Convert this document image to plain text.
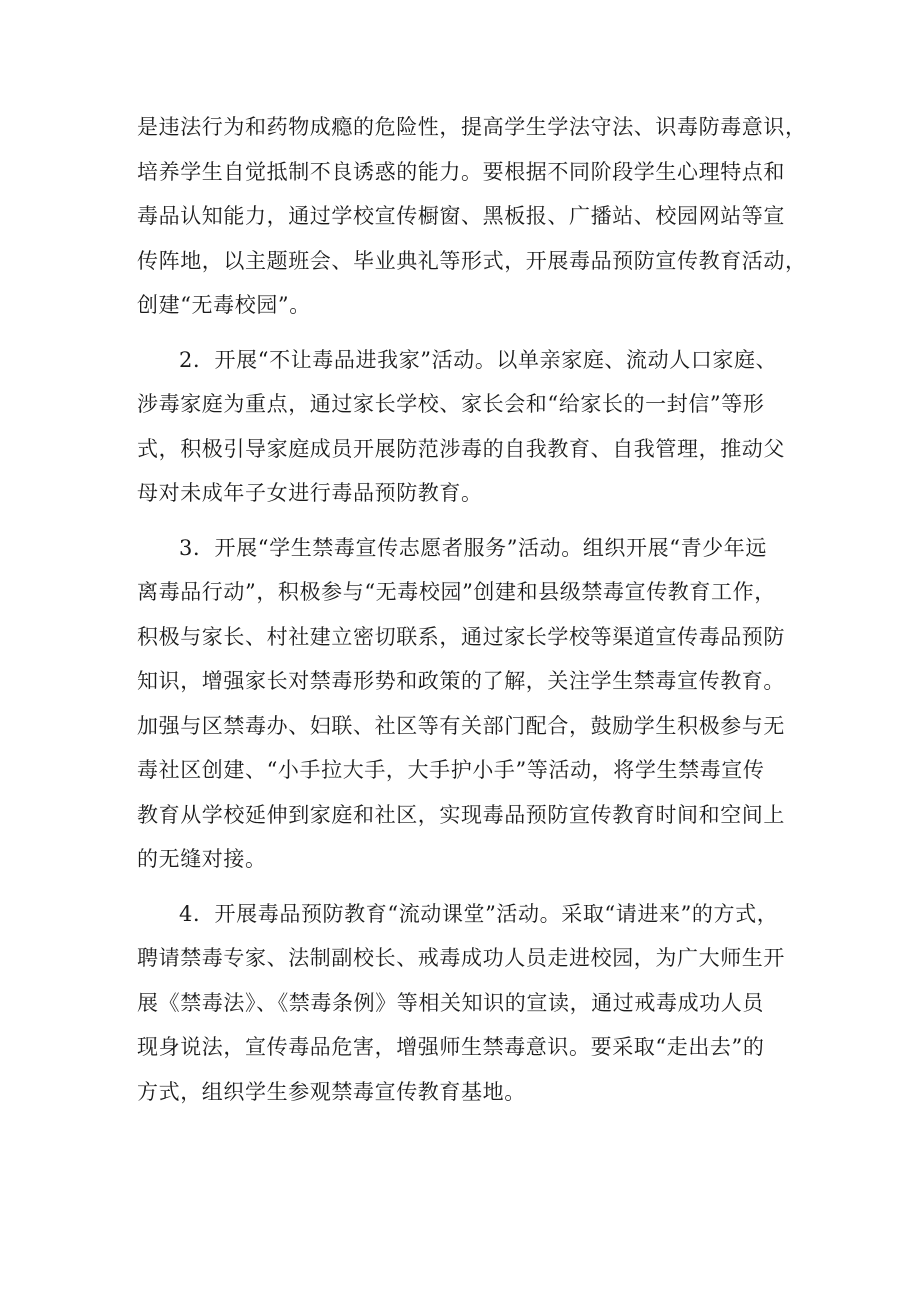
是违法行为和药物成瘾的危险性，提高学生学法守法、识毒防毒意识，
培养学生自觉抵制不良诱惑的能力。要根据不同阶段学生心理特点和
毒品认知能力，通过学校宣传橱窗、黑板报、广播站、校园网站等宣
传阵地，以主题班会、毕业典礼等形式，开展毒品预防宣传教育活动，
创建“无毒校园”。
2．开展“不让毒品进我家”活动。以单亲家庭、流动人口家庭、
涉毒家庭为重点，通过家长学校、家长会和“给家长的一封信”等形
式，积极引导家庭成员开展防范涉毒的自我教育、自我管理，推动父
母对未成年子女进行毒品预防教育。
3．开展“学生禁毒宣传志愿者服务”活动。组织开展“青少年远
离毒品行动”，积极参与“无毒校园”创建和县级禁毒宣传教育工作，
积极与家长、村社建立密切联系，通过家长学校等渠道宣传毒品预防
知识，增强家长对禁毒形势和政策的了解，关注学生禁毒宣传教育。
加强与区禁毒办、妇联、社区等有关部门配合，鼓励学生积极参与无
毒社区创建、“小手拉大手，大手护小手”等活动，将学生禁毒宣传
教育从学校延伸到家庭和社区，实现毒品预防宣传教育时间和空间上
的无缝对接。
4．开展毒品预防教育“流动课堂”活动。采取“请进来”的方式，
聘请禁毒专家、法制副校长、戒毒成功人员走进校园，为广大师生开
展《禁毒法》、《禁毒条例》等相关知识的宣读，通过戒毒成功人员
现身说法，宣传毒品危害，增强师生禁毒意识。要采取“走出去”的
方式，组织学生参观禁毒宣传教育基地。
